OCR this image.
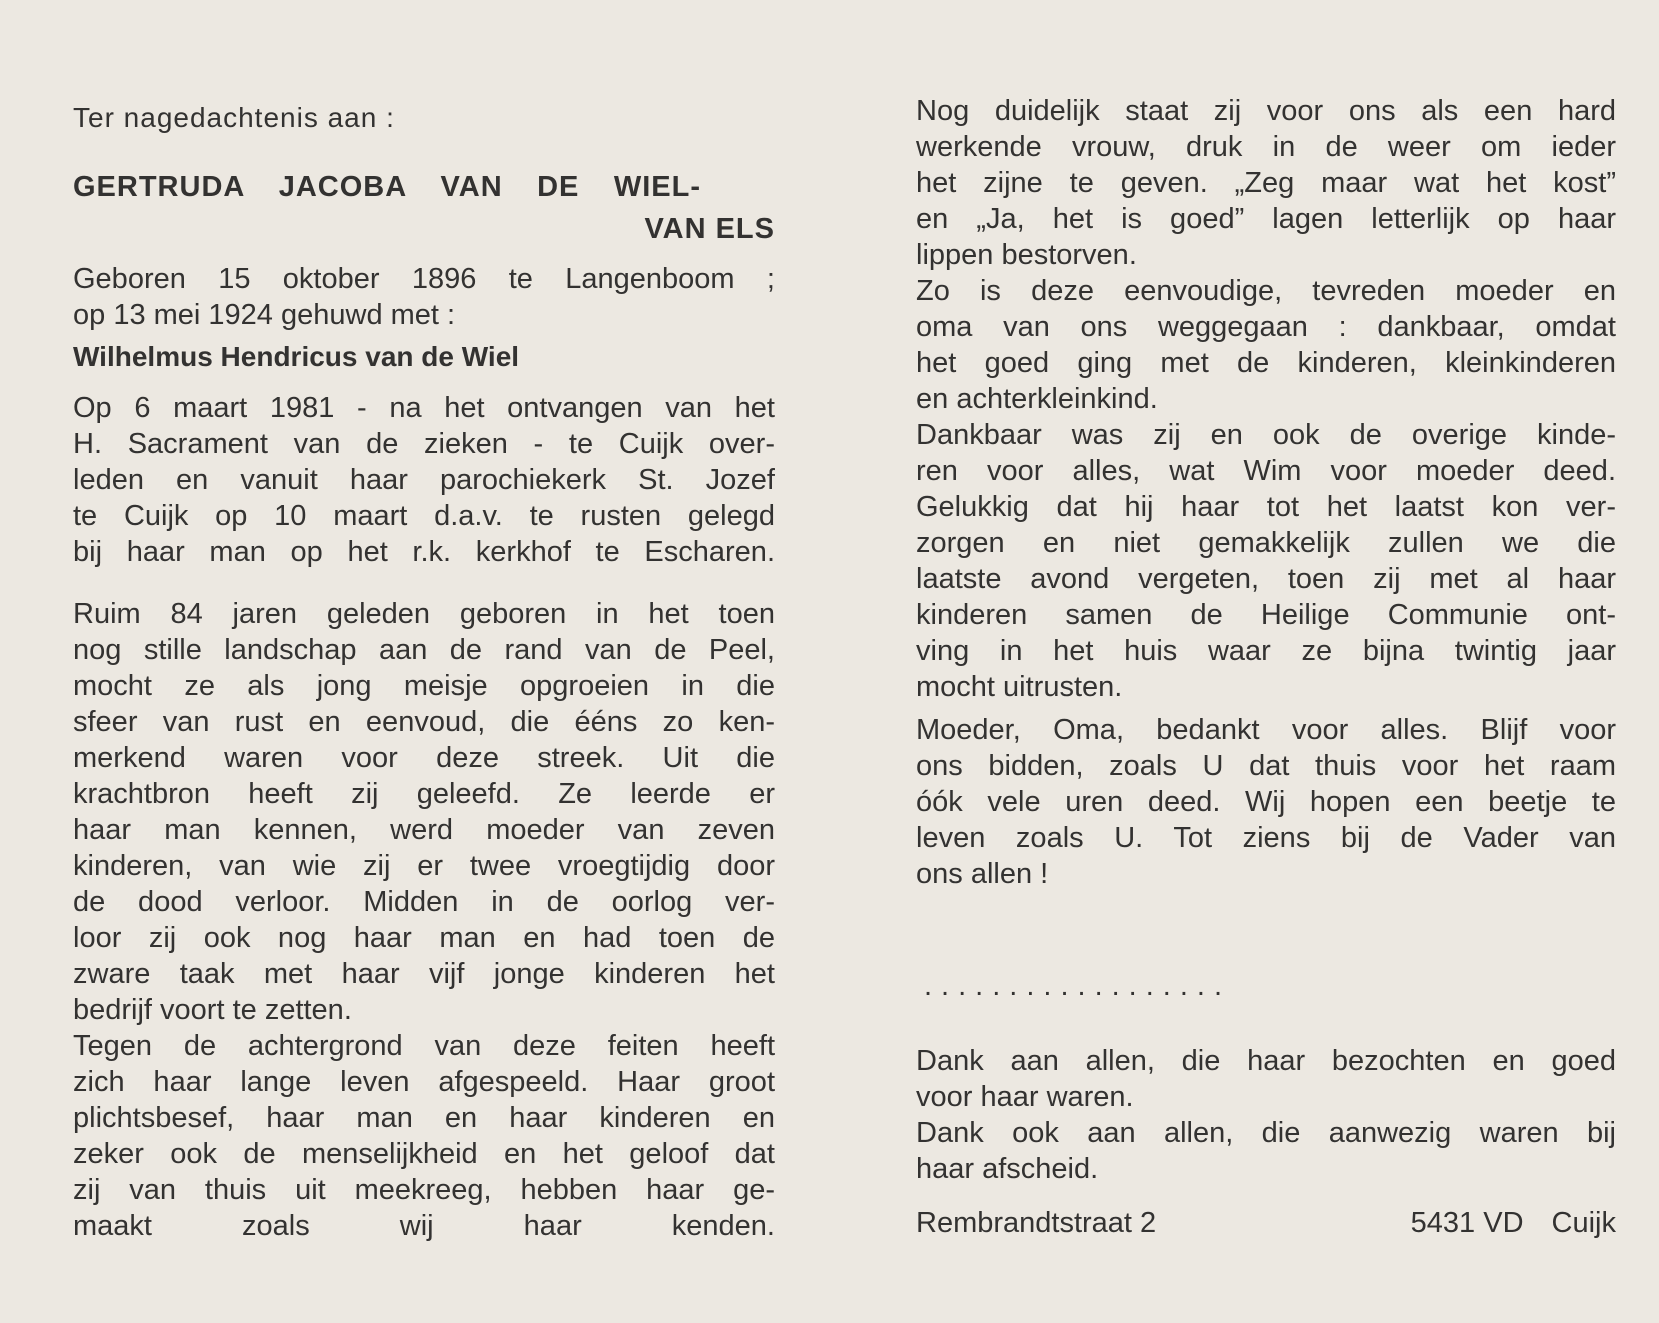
Ter nagedachtenis aan :
GERTRUDA JACOBA VAN DE WIEL-
VAN ELS
Geboren 15 oktober 1896 te Langenboom ;
op 13 mei 1924 gehuwd met :
Wilhelmus Hendricus van de Wiel
Op 6 maart 1981 - na het ontvangen van het
H. Sacrament van de zieken - te Cuijk over-
leden en vanuit haar parochiekerk St. Jozef
te Cuijk op 10 maart d.a.v. te rusten gelegd
bij haar man op het r.k. kerkhof te Escharen.
Ruim 84 jaren geleden geboren in het toen
nog stille landschap aan de rand van de Peel,
mocht ze als jong meisje opgroeien in die
sfeer van rust en eenvoud, die ééns zo ken-
merkend waren voor deze streek. Uit die
krachtbron heeft zij geleefd. Ze leerde er
haar man kennen, werd moeder van zeven
kinderen, van wie zij er twee vroegtijdig door
de dood verloor. Midden in de oorlog ver-
loor zij ook nog haar man en had toen de
zware taak met haar vijf jonge kinderen het
bedrijf voort te zetten.
Tegen de achtergrond van deze feiten heeft
zich haar lange leven afgespeeld. Haar groot
plichtsbesef, haar man en haar kinderen en
zeker ook de menselijkheid en het geloof dat
zij van thuis uit meekreeg, hebben haar ge-
maakt zoals wij haar kenden.
Nog duidelijk staat zij voor ons als een hard
werkende vrouw, druk in de weer om ieder
het zijne te geven. „Zeg maar wat het kost”
en „Ja, het is goed” lagen letterlijk op haar
lippen bestorven.
Zo is deze eenvoudige, tevreden moeder en
oma van ons weggegaan : dankbaar, omdat
het goed ging met de kinderen, kleinkinderen
en achterkleinkind.
Dankbaar was zij en ook de overige kinde-
ren voor alles, wat Wim voor moeder deed.
Gelukkig dat hij haar tot het laatst kon ver-
zorgen en niet gemakkelijk zullen we die
laatste avond vergeten, toen zij met al haar
kinderen samen de Heilige Communie ont-
ving in het huis waar ze bijna twintig jaar
mocht uitrusten.
Moeder, Oma, bedankt voor alles. Blijf voor
ons bidden, zoals U dat thuis voor het raam
óók vele uren deed. Wij hopen een beetje te
leven zoals U. Tot ziens bij de Vader van
ons allen !
..................
Dank aan allen, die haar bezochten en goed
voor haar waren.
Dank ook aan allen, die aanwezig waren bij
haar afscheid.
Rembrandtstraat 2	5431 VD Cuijk
